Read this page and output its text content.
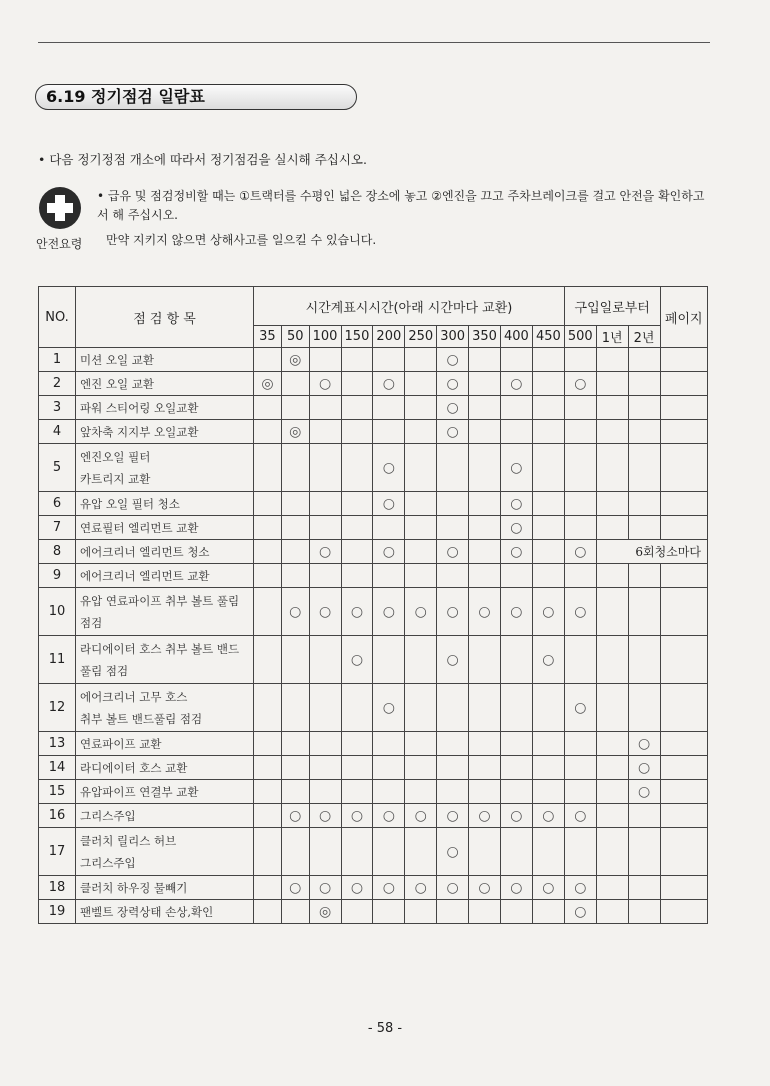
6.19 정기점검 일람표
• 다음 정기정점 개소에 따라서 정기점검을 실시해 주십시오.
안전요령
• 급유 및 점검정비할 때는 ①트랙터를 수평인 넓은 장소에 놓고 ②엔진을 끄고 주차브레이크를 걸고 안전을 확인하고서 해 주십시오.
만약 지키지 않으면 상해사고를 일으킬 수 있습니다.
NO.	점 검 항 목	시간계표시시간(아래 시간마다 교환)										구입일로부터			페이지
		35	50	100	150	200	250	300	350	400	450	500	1년	2년	
1	미션 오일 교환		◎					○							
2	엔진 오일 교환	◎		○		○		○		○		○			
3	파워 스티어링 오일교환							○							
4	앞차축 지지부 오일교환		◎					○							
5	엔진오일 필터
카트리지 교환					○				○					
6	유압 오일 필터 청소					○				○					
7	연료필터 엘리먼트 교환									○					
8	에어크리너 엘리먼트 청소			○		○		○		○		○	6회청소마다		
9	에어크리너 엘리먼트 교환														

10	유압 연료파이프 취부 볼트 풀림
점검		○	○	○	○	○	○	○	○	○	○			
11	라디에이터 호스 취부 볼트 밴드
풀림 점검				○			○			○				
12	에어크리너 고무 호스
취부 볼트 밴드풀림 점검					○						○			
13	연료파이프 교환													○	
14	라디에이터 호스 교환													○	
15	유압파이프 연결부 교환													○	
16	그리스주입		○	○	○	○	○	○	○	○	○	○			
17	클러치 릴리스 허브
그리스주입							○							
18	클러치 하우징 물빼기		○	○	○	○	○	○	○	○	○	○			
19	팬벨트 장력상태 손상,확인			◎								○			
- 58 -
